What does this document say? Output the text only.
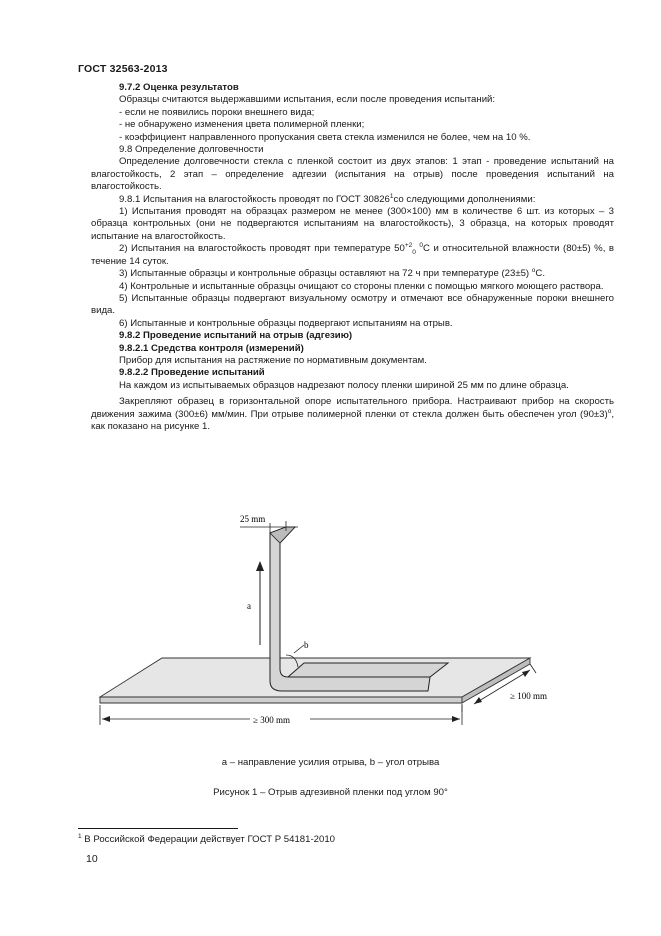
ГОСТ 32563-2013

9.7.2 Оценка результатов

Образцы считаются выдержавшими испытания, если после проведения испытаний:

- если не появились пороки внешнего вида;

- не обнаружено изменения цвета полимерной пленки;

- коэффициент направленного пропускания света стекла изменился не более, чем на 10 %.

9.8 Определение долговечности

Определение долговечности стекла с пленкой состоит из двух этапов: 1 этап - проведение испытаний на влагостойкость, 2 этап – определение адгезии (испытания на отрыв) после проведения испытаний на влагостойкость.

9.8.1 Испытания на влагостойкость проводят по ГОСТ 30826$^1$со следующими дополнениями:

1) Испытания проводят на образцах размером не менее (300×100) мм в количестве 6 шт. из которых – 3 образца контрольных (они не подвергаются испытаниям на влагостойкость), 3 образца, на которых проводят испытание на влагостойкость.

2) Испытания на влагостойкость проводят при температуре $50^{+2}_0$ $^0$С и относительной влажности (80±5) %, в течение 14 суток.

3) Испытанные образцы и контрольные образцы оставляют на 72 ч при температуре (23±5) $^о$С.

4) Контрольные и испытанные образцы очищают со стороны пленки с помощью мягкого моющего раствора.

5) Испытанные образцы подвергают визуальному осмотру и отмечают все обнаруженные пороки внешнего вида.

6) Испытанные и контрольные образцы подвергают испытаниям на отрыв.

9.8.2 Проведение испытаний на отрыв (адгезию)

9.8.2.1 Средства контроля (измерений)

Прибор для испытания на растяжение по нормативным документам.

9.8.2.2 Проведение испытаний

На каждом из испытываемых образцов надрезают полосу пленки шириной 25 мм по длине образца.

Закрепляют образец в горизонтальной опоре испытательного прибора. Настраивают прибор на скорость движения зажима (300±6) мм/мин. При отрыве полимерной пленки от стекла должен быть обеспечен угол $(90\pm 3)^о$, как показано на рисунке 1.

25 mm
a
b
≥ 100 mm
≥ 300 mm
a – направление усилия отрыва, b – угол отрыва
Рисунок 1 – Отрыв адгезивной пленки под углом 90°
$^1$ В Российской Федерации действует ГОСТ Р 54181-2010
10
